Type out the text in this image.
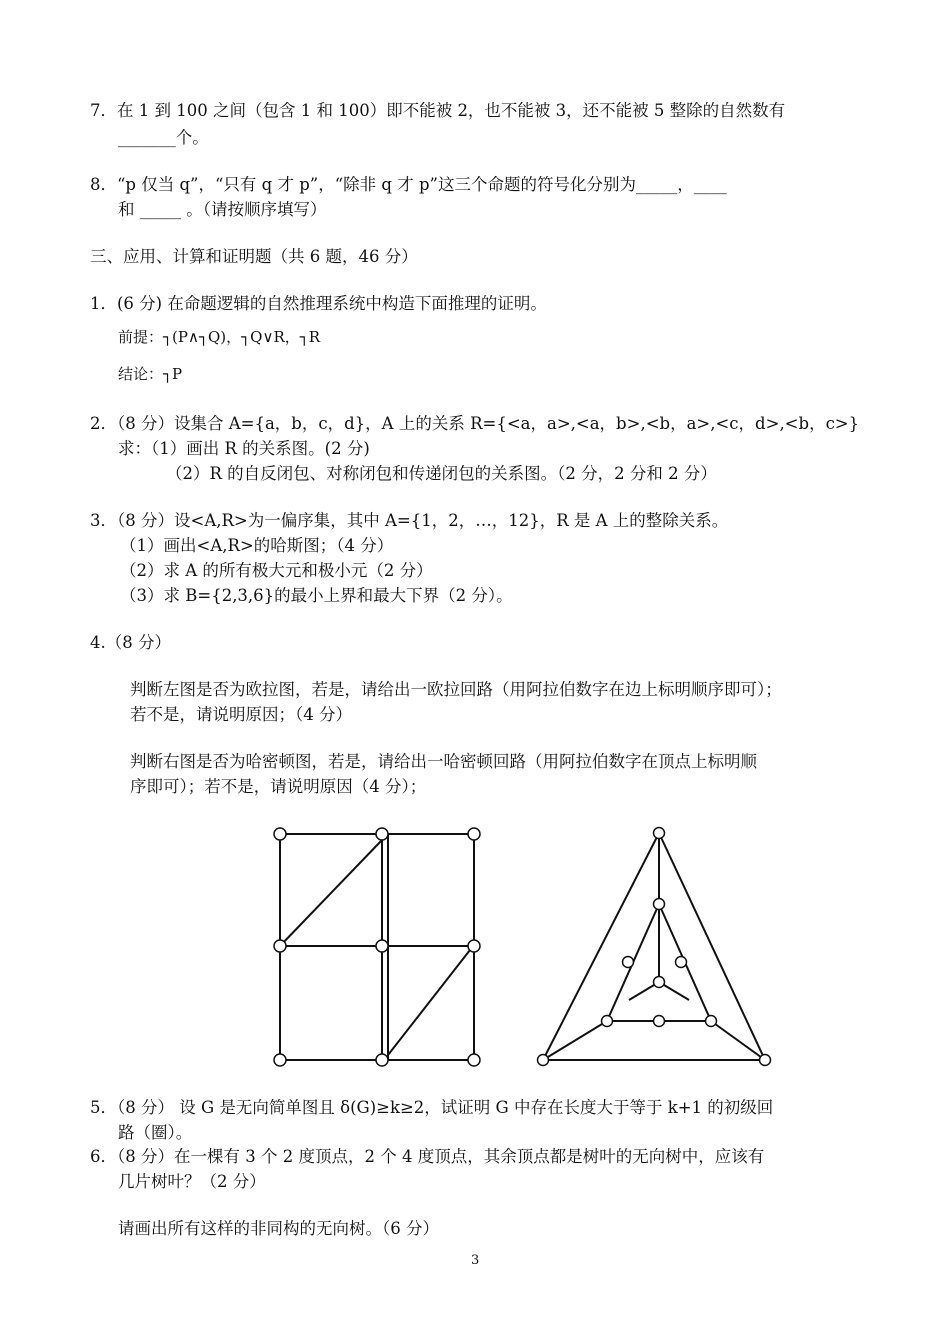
7．在 1 到 100 之间（包含 1 和 100）即不能被 2，也不能被 3，还不能被 5 整除的自然数有
_______个。
8．“p 仅当 q”，“只有 q 才 p”，“除非 q 才 p”这三个命题的符号化分别为_____，____
和 _____ 。（请按顺序填写）
三、应用、计算和证明题（共 6 题，46 分）
1．(6 分) 在命题逻辑的自然推理系统中构造下面推理的证明。
前提：┐(P∧┐Q)，┐Q∨R，┐R
结论：┐P
2．（8 分）设集合 A={a，b，c，d}，A 上的关系 R={<a，a>,<a，b>,<b，a>,<c，d>,<b，c>}
求：（1）画出 R 的关系图。(2 分)
（2）R 的自反闭包、对称闭包和传递闭包的关系图。（2 分，2 分和 2 分）
3．（8 分）设<A,R>为一偏序集，其中 A={1，2，…，12}，R 是 A 上的整除关系。
（1）画出<A,R>的哈斯图；（4 分）
（2）求 A 的所有极大元和极小元（2 分）
（3）求 B={2,3,6}的最小上界和最大下界（2 分）。
4.（8 分）
判断左图是否为欧拉图，若是，请给出一欧拉回路（用阿拉伯数字在边上标明顺序即可）；
若不是，请说明原因；（4 分）
判断右图是否为哈密顿图，若是，请给出一哈密顿回路（用阿拉伯数字在顶点上标明顺
序即可）；若不是，请说明原因（4 分）；
5．（8 分） 设 G 是无向简单图且 δ(G)≥k≥2，试证明 G 中存在长度大于等于 k+1 的初级回
路（圈）。
6．（8 分）在一棵有 3 个 2 度顶点，2 个 4 度顶点，其余顶点都是树叶的无向树中，应该有
几片树叶？（2 分）
请画出所有这样的非同构的无向树。（6 分）
3
